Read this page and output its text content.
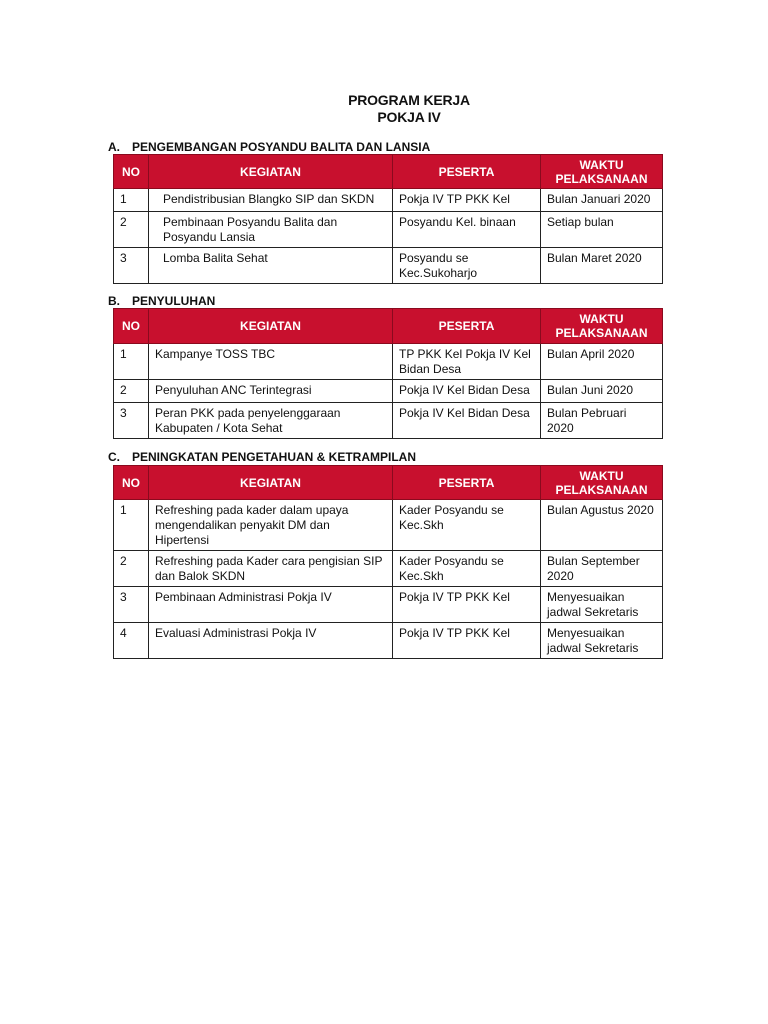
PROGRAM KERJA
POKJA IV
A. PENGEMBANGAN POSYANDU BALITA DAN LANSIA
NO	KEGIATAN	PESERTA	WAKTU
PELAKSANAAN
1	Pendistribusian Blangko SIP dan SKDN	Pokja IV TP PKK Kel	Bulan Januari 2020
2	Pembinaan Posyandu Balita dan Posyandu Lansia	Posyandu Kel. binaan	Setiap bulan
3	Lomba Balita Sehat	Posyandu se Kec.Sukoharjo	Bulan Maret 2020
B. PENYULUHAN
NO	KEGIATAN	PESERTA	WAKTU
PELAKSANAAN
1	Kampanye TOSS TBC	TP PKK Kel Pokja IV Kel Bidan Desa	Bulan April 2020
2	Penyuluhan ANC Terintegrasi	Pokja IV Kel Bidan Desa	Bulan Juni 2020
3	Peran PKK pada penyelenggaraan Kabupaten / Kota Sehat	Pokja IV Kel Bidan Desa	Bulan Pebruari 2020
C. PENINGKATAN PENGETAHUAN & KETRAMPILAN
NO	KEGIATAN	PESERTA	WAKTU
PELAKSANAAN
1	Refreshing pada kader dalam upaya mengendalikan penyakit DM dan Hipertensi	Kader Posyandu se Kec.Skh	Bulan Agustus 2020
2	Refreshing pada Kader cara pengisian SIP dan Balok SKDN	Kader Posyandu se Kec.Skh	Bulan September 2020
3	Pembinaan Administrasi Pokja IV	Pokja IV TP PKK Kel	Menyesuaikan jadwal Sekretaris
4	Evaluasi Administrasi Pokja IV	Pokja IV TP PKK Kel	Menyesuaikan jadwal Sekretaris
